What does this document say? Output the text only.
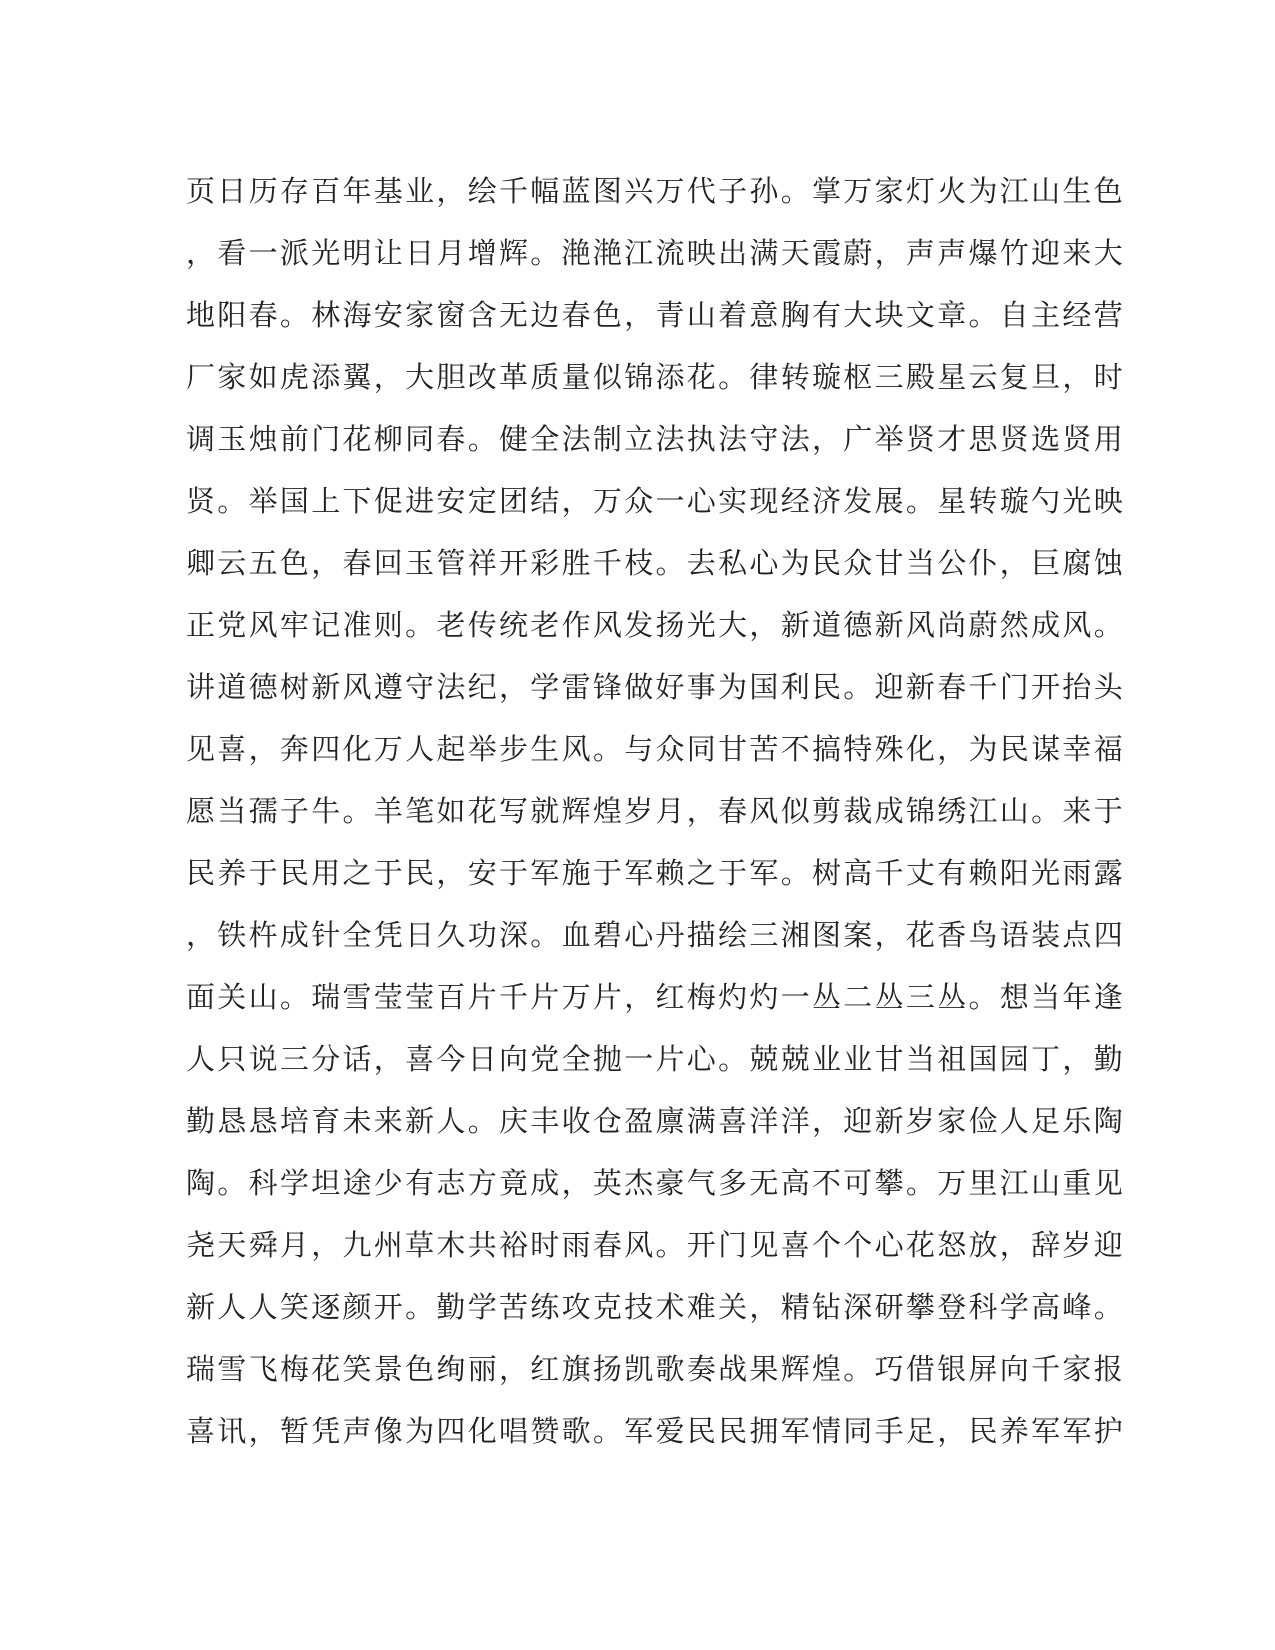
页日历存百年基业，绘千幅蓝图兴万代子孙。掌万家灯火为江山生色
，看一派光明让日月增辉。滟滟江流映出满天霞蔚，声声爆竹迎来大
地阳春。林海安家窗含无边春色，青山着意胸有大块文章。自主经营
厂家如虎添翼，大胆改革质量似锦添花。律转璇枢三殿星云复旦，时
调玉烛前门花柳同春。健全法制立法执法守法，广举贤才思贤选贤用
贤。举国上下促进安定团结，万众一心实现经济发展。星转璇勺光映
卿云五色，春回玉管祥开彩胜千枝。去私心为民众甘当公仆，巨腐蚀
正党风牢记准则。老传统老作风发扬光大，新道德新风尚蔚然成风。
讲道德树新风遵守法纪，学雷锋做好事为国利民。迎新春千门开抬头
见喜，奔四化万人起举步生风。与众同甘苦不搞特殊化，为民谋幸福
愿当孺子牛。羊笔如花写就辉煌岁月，春风似剪裁成锦绣江山。来于
民养于民用之于民，安于军施于军赖之于军。树高千丈有赖阳光雨露
，铁杵成针全凭日久功深。血碧心丹描绘三湘图案，花香鸟语装点四
面关山。瑞雪莹莹百片千片万片，红梅灼灼一丛二丛三丛。想当年逢
人只说三分话，喜今日向党全抛一片心。兢兢业业甘当祖国园丁，勤
勤恳恳培育未来新人。庆丰收仓盈廪满喜洋洋，迎新岁家俭人足乐陶
陶。科学坦途少有志方竟成，英杰豪气多无高不可攀。万里江山重见
尧天舜月，九州草木共裕时雨春风。开门见喜个个心花怒放，辞岁迎
新人人笑逐颜开。勤学苦练攻克技术难关，精钻深研攀登科学高峰。
瑞雪飞梅花笑景色绚丽，红旗扬凯歌奏战果辉煌。巧借银屏向千家报
喜讯，暂凭声像为四化唱赞歌。军爱民民拥军情同手足，民养军军护
